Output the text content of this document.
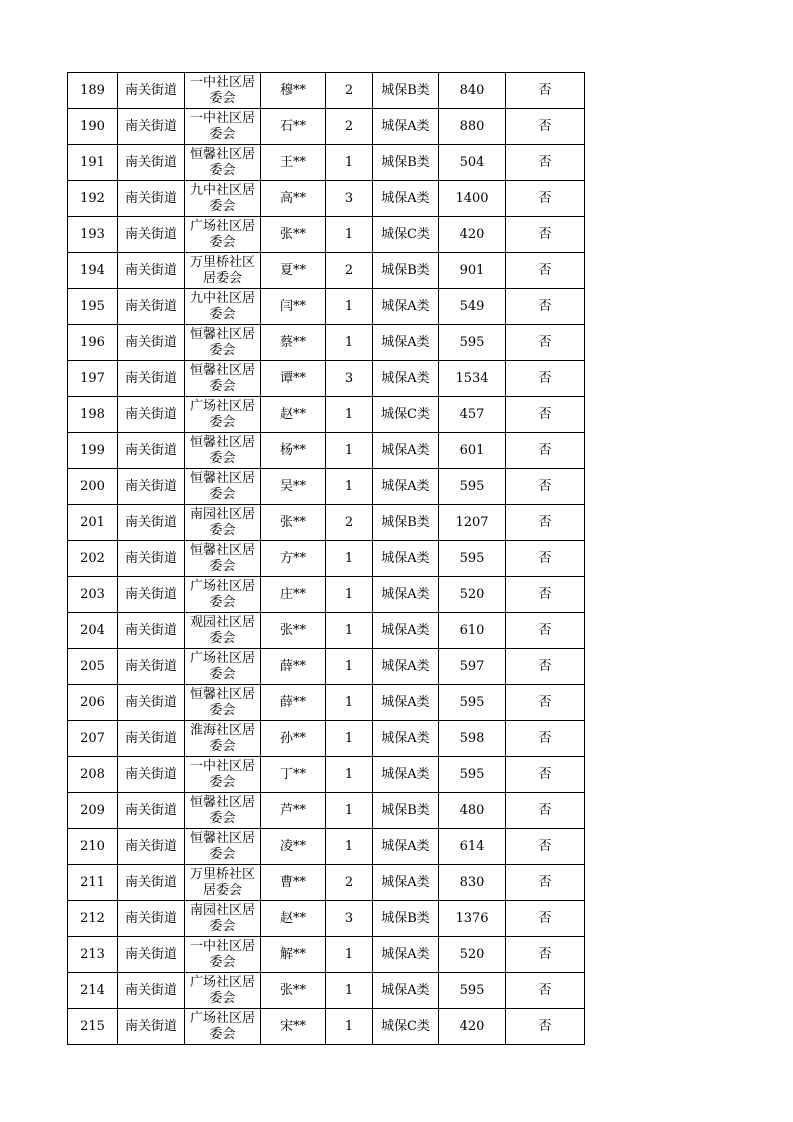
189	南关街道	一中社区居委会	穆**	2	城保B类	840	否
190	南关街道	一中社区居委会	石**	2	城保A类	880	否
191	南关街道	恒馨社区居委会	王**	1	城保B类	504	否
192	南关街道	九中社区居委会	高**	3	城保A类	1400	否
193	南关街道	广场社区居委会	张**	1	城保C类	420	否
194	南关街道	万里桥社区居委会	夏**	2	城保B类	901	否
195	南关街道	九中社区居委会	闫**	1	城保A类	549	否
196	南关街道	恒馨社区居委会	蔡**	1	城保A类	595	否
197	南关街道	恒馨社区居委会	谭**	3	城保A类	1534	否
198	南关街道	广场社区居委会	赵**	1	城保C类	457	否
199	南关街道	恒馨社区居委会	杨**	1	城保A类	601	否
200	南关街道	恒馨社区居委会	吴**	1	城保A类	595	否
201	南关街道	南园社区居委会	张**	2	城保B类	1207	否
202	南关街道	恒馨社区居委会	方**	1	城保A类	595	否
203	南关街道	广场社区居委会	庄**	1	城保A类	520	否
204	南关街道	观园社区居委会	张**	1	城保A类	610	否
205	南关街道	广场社区居委会	薛**	1	城保A类	597	否
206	南关街道	恒馨社区居委会	薛**	1	城保A类	595	否
207	南关街道	淮海社区居委会	孙**	1	城保A类	598	否
208	南关街道	一中社区居委会	丁**	1	城保A类	595	否
209	南关街道	恒馨社区居委会	芦**	1	城保B类	480	否
210	南关街道	恒馨社区居委会	凌**	1	城保A类	614	否
211	南关街道	万里桥社区居委会	曹**	2	城保A类	830	否
212	南关街道	南园社区居委会	赵**	3	城保B类	1376	否
213	南关街道	一中社区居委会	解**	1	城保A类	520	否
214	南关街道	广场社区居委会	张**	1	城保A类	595	否
215	南关街道	广场社区居委会	宋**	1	城保C类	420	否
